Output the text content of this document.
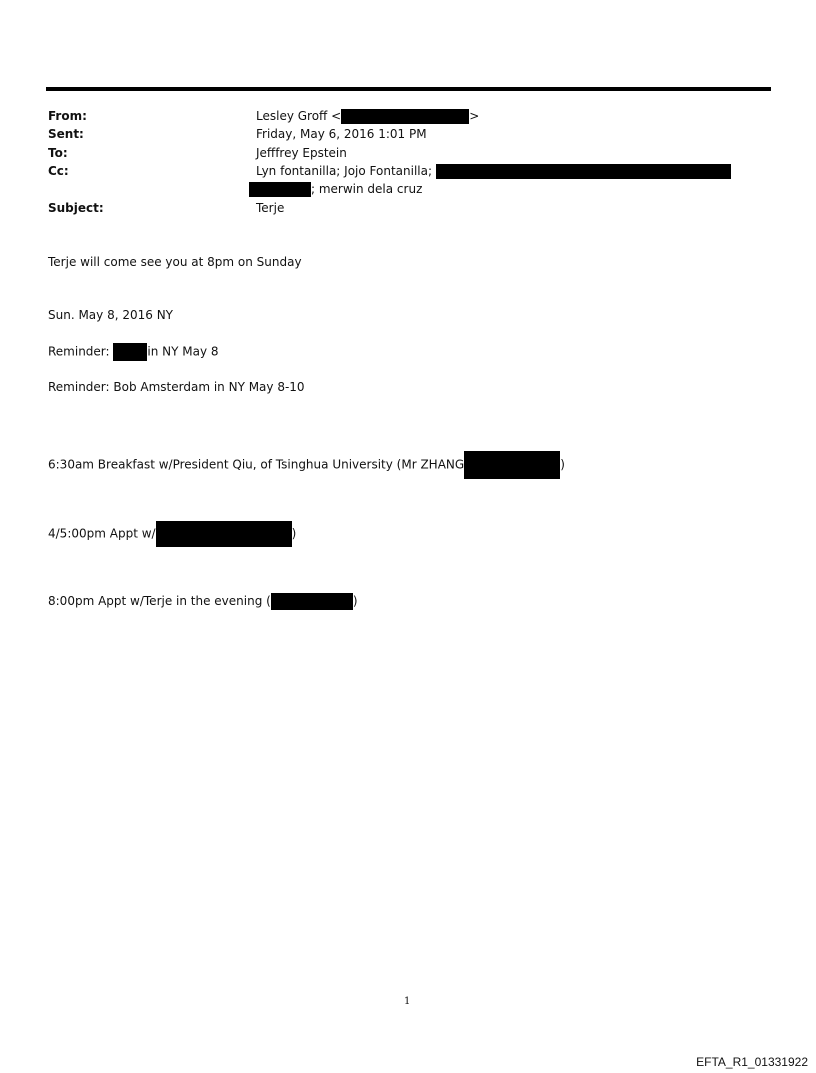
From:	Lesley Groff <	>
Sent:	Friday, May 6, 2016 1:01 PM
To:	Jefffrey Epstein
Cc:	Lyn fontanilla; Jojo Fontanilla;
; merwin dela cruz
Subject:	Terje
Terje will come see you at 8pm on Sunday
Sun. May 8, 2016 NY
Reminder:	in NY May 8
Reminder: Bob Amsterdam in NY May 8-10
6:30am Breakfast w/President Qiu, of Tsinghua University (Mr ZHANG	)
4/5:00pm Appt w/	)
8:00pm Appt w/Terje in the evening (	)
1
EFTA_R1_01331922
